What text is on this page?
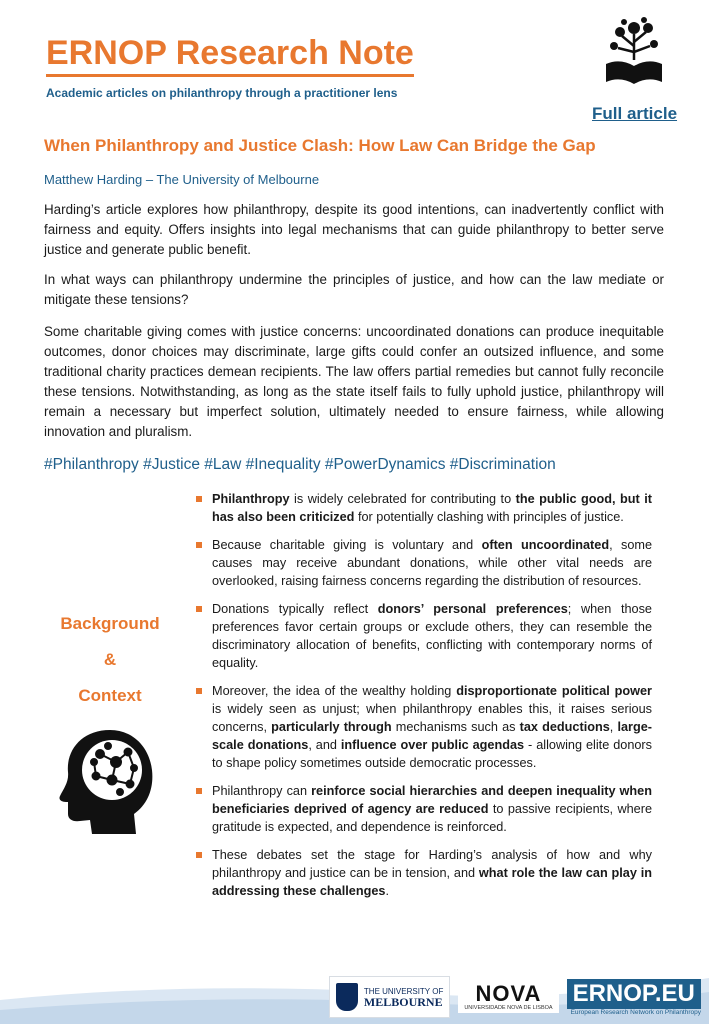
ERNOP Research Note
Academic articles on philanthropy through a practitioner lens
Full article
When Philanthropy and Justice Clash: How Law Can Bridge the Gap
Matthew Harding – The University of Melbourne
Harding’s article explores how philanthropy, despite its good intentions, can inadvertently conflict with fairness and equity. Offers insights into legal mechanisms that can guide philanthropy to better serve justice and generate public benefit.
In what ways can philanthropy undermine the principles of justice, and how can the law mediate or mitigate these tensions?
Some charitable giving comes with justice concerns: uncoordinated donations can produce inequitable outcomes, donor choices may discriminate, large gifts could confer an outsized influence, and some traditional charity practices demean recipients. The law offers partial remedies but cannot fully reconcile these tensions. Notwithstanding, as long as the state itself fails to fully uphold justice, philanthropy will remain a necessary but imperfect solution, ultimately needed to ensure fairness, while allowing innovation and pluralism.
#Philanthropy #Justice #Law #Inequality #PowerDynamics #Discrimination
Background
&
Context
Philanthropy is widely celebrated for contributing to the public good, but it has also been criticized for potentially clashing with principles of justice.
Because charitable giving is voluntary and often uncoordinated, some causes may receive abundant donations, while other vital needs are overlooked, raising fairness concerns regarding the distribution of resources.
Donations typically reflect donors’ personal preferences; when those preferences favor certain groups or exclude others, they can resemble the discriminatory allocation of benefits, conflicting with contemporary norms of equality.
Moreover, the idea of the wealthy holding disproportionate political power is widely seen as unjust; when philanthropy enables this, it raises serious concerns, particularly through mechanisms such as tax deductions, large-scale donations, and influence over public agendas - allowing elite donors to shape policy sometimes outside democratic processes.
Philanthropy can reinforce social hierarchies and deepen inequality when beneficiaries deprived of agency are reduced to passive recipients, where gratitude is expected, and dependence is reinforced.
These debates set the stage for Harding’s analysis of how and why philanthropy and justice can be in tension, and what role the law can play in addressing these challenges.
THE UNIVERSITY OF
MELBOURNE NOVA
UNIVERSIDADE NOVA DE LISBOA
ERNOP.EU
European Research Network on Philanthropy
